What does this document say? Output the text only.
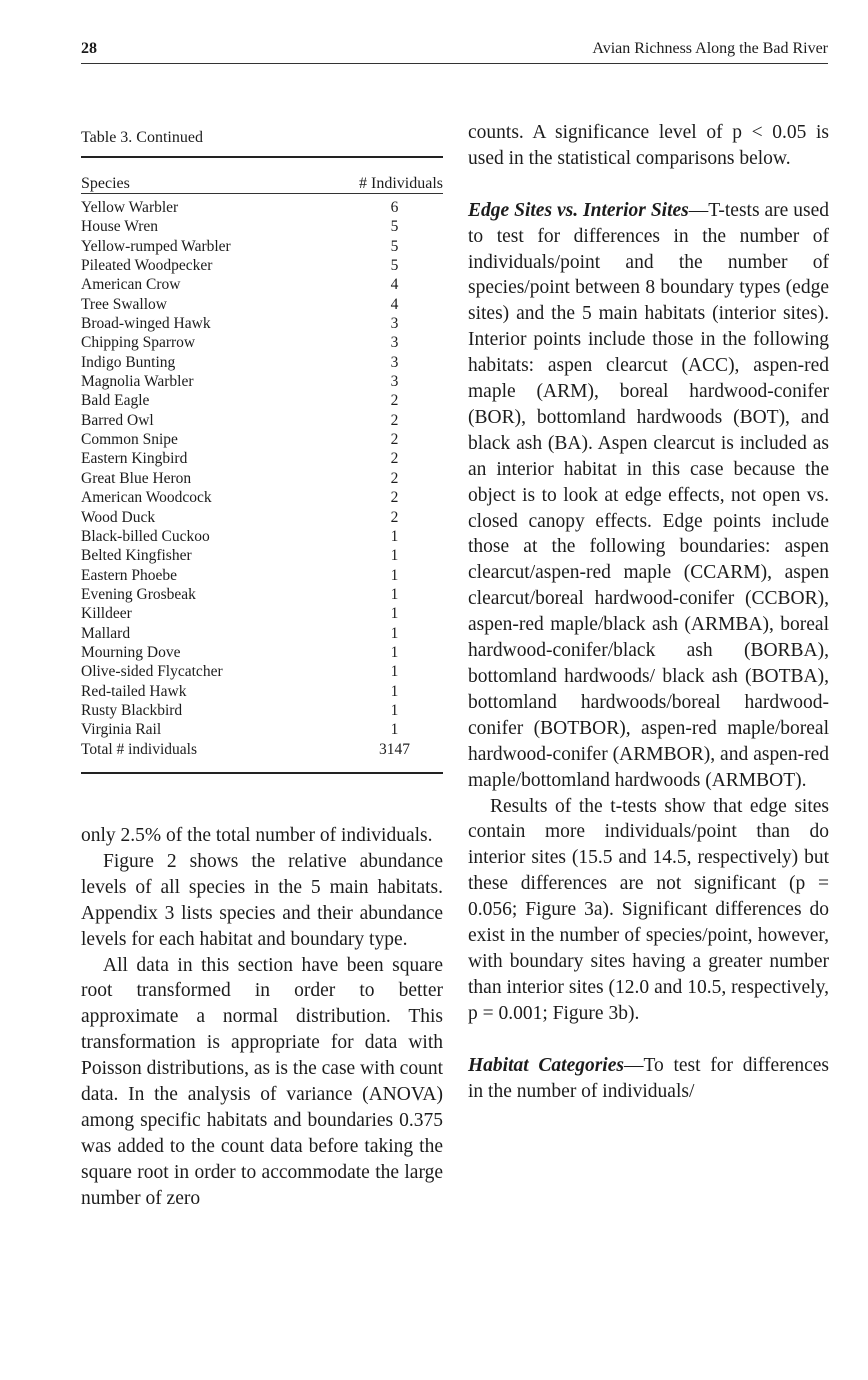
28	Avian Richness Along the Bad River
Table 3. Continued
Species	# Individuals
Yellow Warbler	6
House Wren	5
Yellow-rumped Warbler	5
Pileated Woodpecker	5
American Crow	4
Tree Swallow	4
Broad-winged Hawk	3
Chipping Sparrow	3
Indigo Bunting	3
Magnolia Warbler	3
Bald Eagle	2
Barred Owl	2
Common Snipe	2
Eastern Kingbird	2
Great Blue Heron	2
American Woodcock	2
Wood Duck	2
Black-billed Cuckoo	1
Belted Kingfisher	1
Eastern Phoebe	1
Evening Grosbeak	1
Killdeer	1
Mallard	1
Mourning Dove	1
Olive-sided Flycatcher	1
Red-tailed Hawk	1
Rusty Blackbird	1
Virginia Rail	1
Total # individuals	3147

only 2.5% of the total number of individuals.

Figure 2 shows the relative abundance levels of all species in the 5 main habitats. Appendix 3 lists species and their abundance levels for each habitat and boundary type.

All data in this section have been square root transformed in order to better approximate a normal distribution. This transformation is appropriate for data with Poisson distributions, as is the case with count data. In the analysis of variance (ANOVA) among specific habitats and boundaries 0.375 was added to the count data before taking the square root in order to accommodate the large number of zero

counts. A significance level of p < 0.05 is used in the statistical comparisons below.

Edge Sites vs. Interior Sites—T-tests are used to test for differences in the number of individuals/point and the number of species/point between 8 boundary types (edge sites) and the 5 main habitats (interior sites). Interior points include those in the following habitats: aspen clearcut (ACC), aspen-red maple (ARM), boreal hardwood-conifer (BOR), bottomland hardwoods (BOT), and black ash (BA). Aspen clearcut is included as an interior habitat in this case because the object is to look at edge effects, not open vs. closed canopy effects. Edge points include those at the following boundaries: aspen clearcut/aspen-red maple (CCARM), aspen clearcut/boreal hardwood-conifer (CCBOR), aspen-red maple/black ash (ARMBA), boreal hardwood-conifer/black ash (BORBA), bottomland hardwoods/ black ash (BOTBA), bottomland hardwoods/boreal hardwood-conifer (BOTBOR), aspen-red maple/boreal hardwood-conifer (ARMBOR), and aspen-red maple/bottomland hardwoods (ARMBOT).

Results of the t-tests show that edge sites contain more individuals/point than do interior sites (15.5 and 14.5, respectively) but these differences are not significant (p = 0.056; Figure 3a). Significant differences do exist in the number of species/point, however, with boundary sites having a greater number than interior sites (12.0 and 10.5, respectively, p = 0.001; Figure 3b).

Habitat Categories—To test for differences in the number of individuals/
